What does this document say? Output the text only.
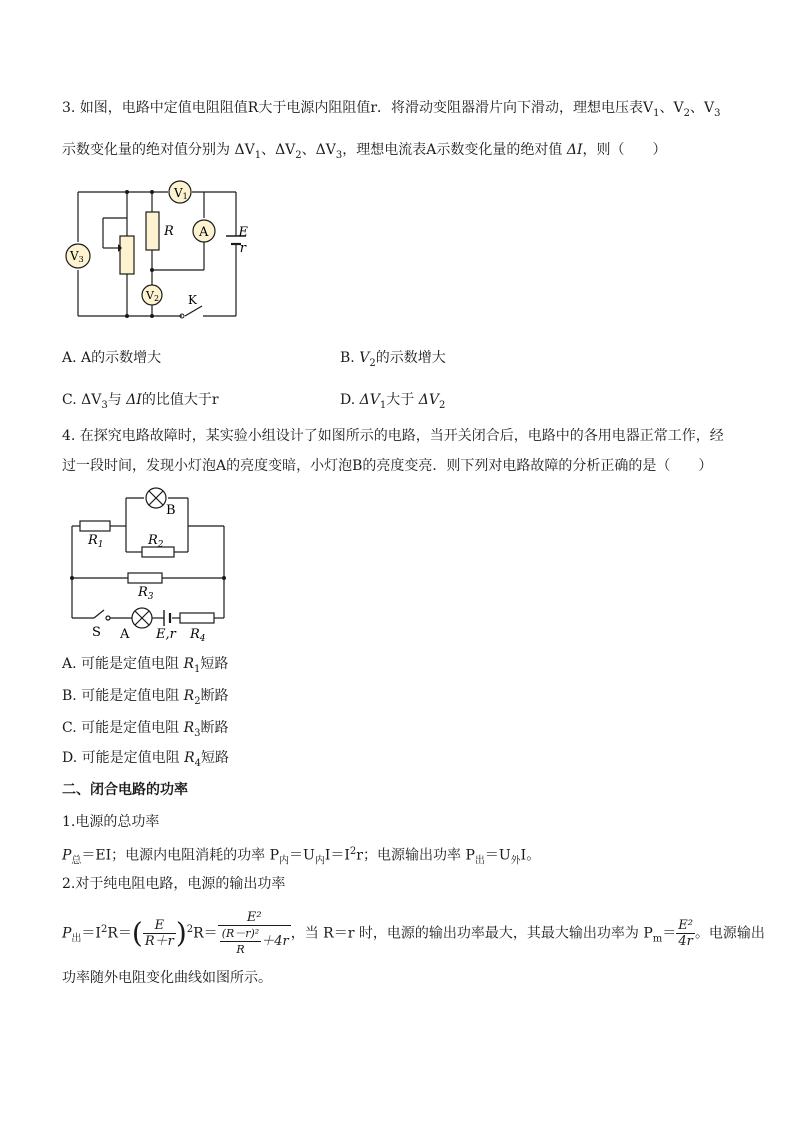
3. 如图，电路中定值电阻阻值R大于电源内阻阻值r．将滑动变阻器滑片向下滑动，理想电压表$V_1$、$V_2$、$V_3$
示数变化量的绝对值分别为 $\Delta V_1$、$\Delta V_2$、$\Delta V_3$，理想电流表A示数变化量的绝对值 ΔI，则（　　）
V1
A
V2
V3
R	E
r
K
A. A的示数增大	B. $V_2$的示数增大
C. $\Delta V_3$与 ΔI的比值大于r	D. $\Delta V_1$大于 $\Delta V_2$
4. 在探究电路故障时，某实验小组设计了如图所示的电路，当开关闭合后，电路中的各用电器正常工作，经
过一段时间，发现小灯泡A的亮度变暗，小灯泡B的亮度变亮．则下列对电路故障的分析正确的是（　　）
B
$R_1$	$R_2$
$R_3$
$R_4$
S A E,r
A. 可能是定值电阻 $R_1$短路
B. 可能是定值电阻 $R_2$断路
C. 可能是定值电阻 $R_3$断路
D. 可能是定值电阻 $R_4$短路
二、闭合电路的功率
1.电源的总功率
$P_总=EI$；电源内电阻消耗的功率 $P_内=U_内I=I^2r$；电源输出功率 $P_出=U_外I$。
2.对于纯电阻电路，电源的输出功率
$P_出=I^2R=( \frac{E}{R+r} )^2R= \frac{\text{E²}}{\frac{\text{(R－r)²}}{R} +4r}$ ，当 R＝r 时，电源的输出功率最大，其最大输出功率为 $P_m= \frac{\text{E²}}{4r}$ 。电源输出
功率随外电阻变化曲线如图所示。
